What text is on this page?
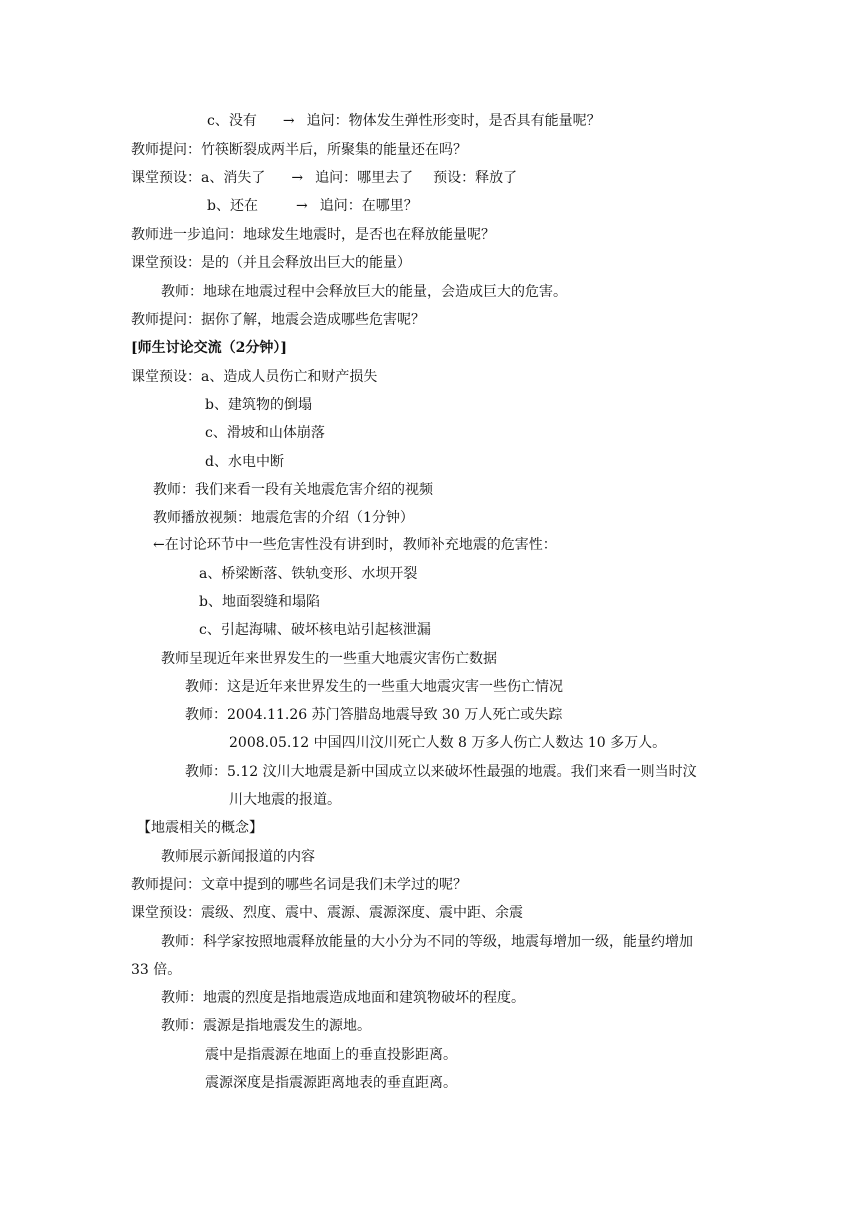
c、没有 → 追问：物体发生弹性形变时，是否具有能量呢？
教师提问：竹筷断裂成两半后，所聚集的能量还在吗？
课堂预设：a、消失了 → 追问：哪里去了 预设：释放了
b、还在	→ 追问：在哪里？
教师进一步追问：地球发生地震时，是否也在释放能量呢？
课堂预设：是的（并且会释放出巨大的能量）
教师：地球在地震过程中会释放巨大的能量，会造成巨大的危害。
教师提问：据你了解，地震会造成哪些危害呢？
[师生讨论交流（2分钟）]
课堂预设：a、造成人员伤亡和财产损失
b、建筑物的倒塌
c、滑坡和山体崩落
d、水电中断
教师：我们来看一段有关地震危害介绍的视频
教师播放视频：地震危害的介绍（1分钟）
←在讨论环节中一些危害性没有讲到时，教师补充地震的危害性：
a、桥梁断落、铁轨变形、水坝开裂
b、地面裂缝和塌陷
c、引起海啸、破坏核电站引起核泄漏
教师呈现近年来世界发生的一些重大地震灾害伤亡数据
教师：这是近年来世界发生的一些重大地震灾害一些伤亡情况
教师：2004.11.26 苏门答腊岛地震导致 30 万人死亡或失踪
2008.05.12 中国四川汶川死亡人数 8 万多人伤亡人数达 10 多万人。
教师：5.12 汶川大地震是新中国成立以来破坏性最强的地震。我们来看一则当时汶
川大地震的报道。
【地震相关的概念】
教师展示新闻报道的内容
教师提问：文章中提到的哪些名词是我们未学过的呢？
课堂预设：震级、烈度、震中、震源、震源深度、震中距、余震
教师：科学家按照地震释放能量的大小分为不同的等级，地震每增加一级，能量约增加
33 倍。
教师：地震的烈度是指地震造成地面和建筑物破坏的程度。
教师：震源是指地震发生的源地。
震中是指震源在地面上的垂直投影距离。
震源深度是指震源距离地表的垂直距离。
